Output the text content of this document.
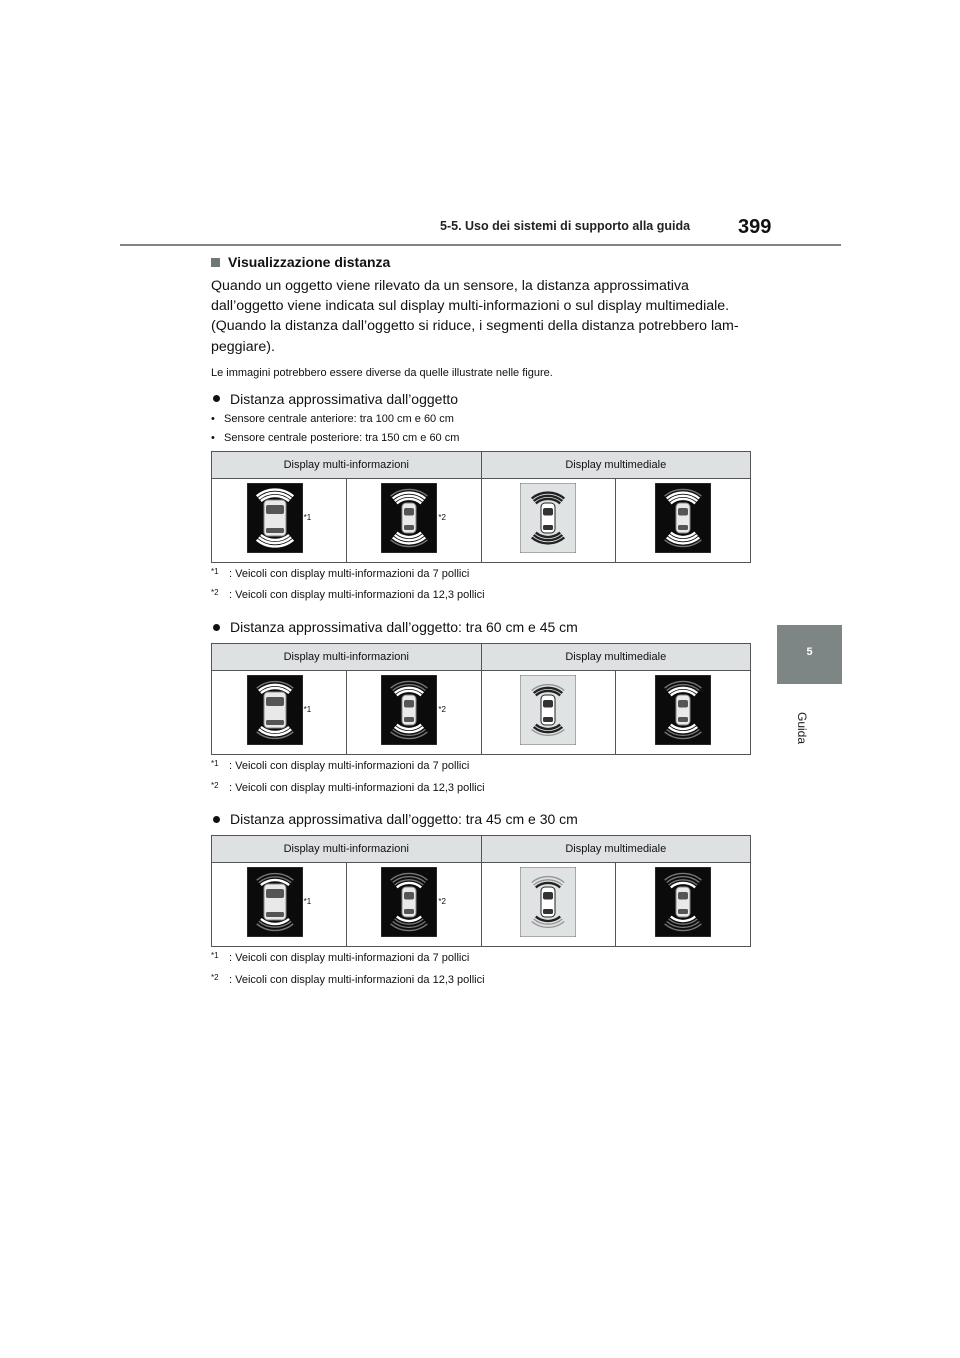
5-5. Uso dei sistemi di supporto alla guida 399
5
Guida
Visualizzazione distanza

Quando un oggetto viene rilevato da un sensore, la distanza approssimativa dall’oggetto viene indicata sul display multi-informazioni o sul display multimediale. (Quando la distanza dall’oggetto si riduce, i segmenti della distanza potrebbero lam-peggiare).

Le immagini potrebbero essere diverse da quelle illustrate nelle figure.
Distanza approssimativa dall’oggetto
• Sensore centrale anteriore: tra 100 cm e 60 cm
• Sensore centrale posteriore: tra 150 cm e 60 cm
Display multi-informazioni		Display multimediale	

*1	*2

$^{*1}$ : Veicoli con display multi-informazioni da 7 pollici
$^{*2}$ : Veicoli con display multi-informazioni da 12,3 pollici
Distanza approssimativa dall’oggetto: tra 60 cm e 45 cm
Display multi-informazioni		Display multimediale	

*1	*2

$^{*1}$ : Veicoli con display multi-informazioni da 7 pollici
$^{*2}$ : Veicoli con display multi-informazioni da 12,3 pollici
Distanza approssimativa dall’oggetto: tra 45 cm e 30 cm
Display multi-informazioni		Display multimediale	

*1	*2

$^{*1}$ : Veicoli con display multi-informazioni da 7 pollici
$^{*2}$ : Veicoli con display multi-informazioni da 12,3 pollici
